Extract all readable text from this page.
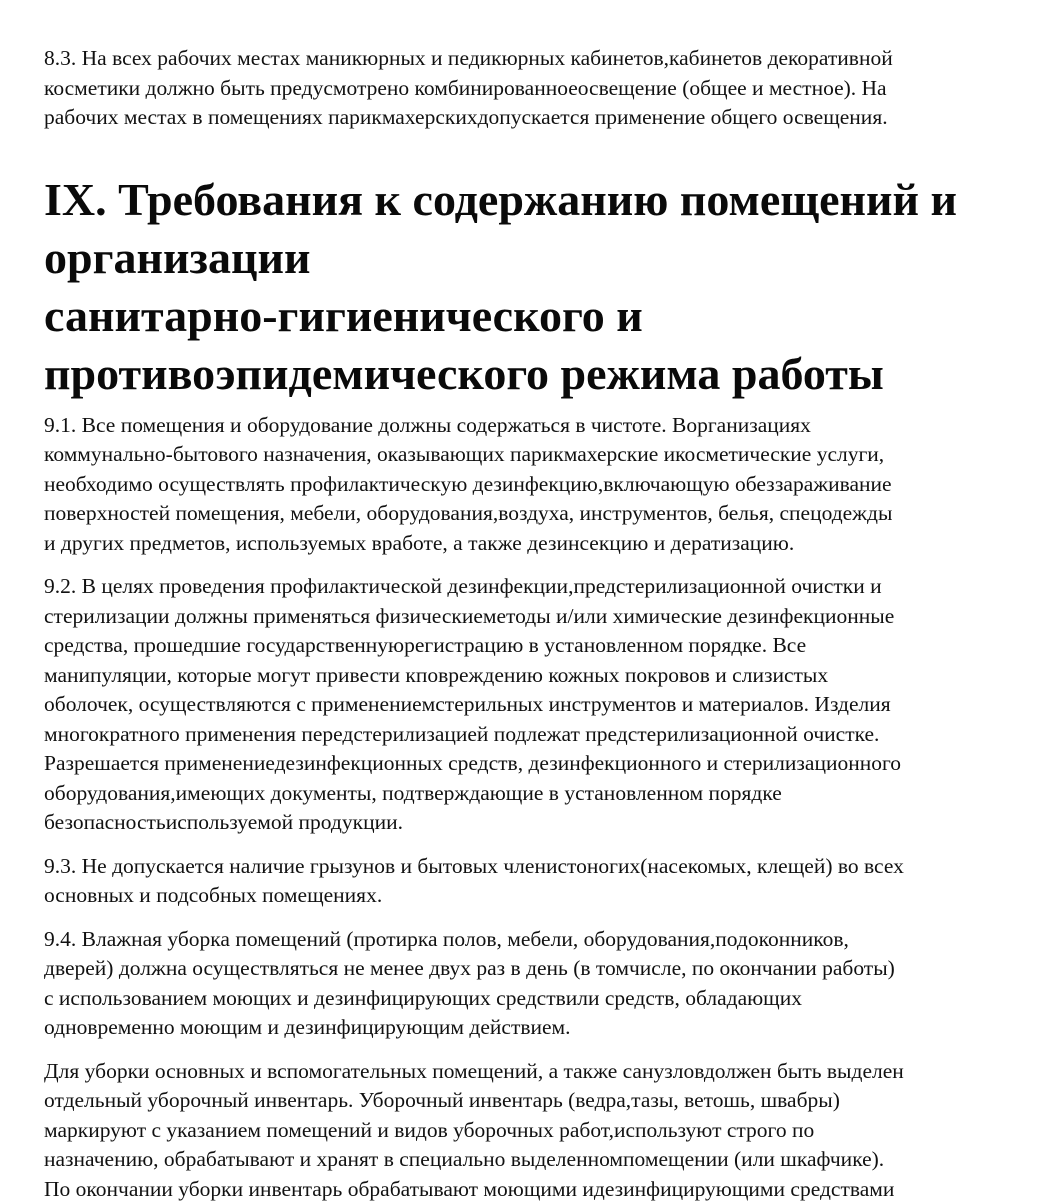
8.3. На всех рабочих местах маникюрных и педикюрных кабинетов,кабинетов декоративной
косметики должно быть предусмотрено комбинированноеосвещение (общее и местное). На
рабочих местах в помещениях парикмахерскихдопускается применение общего освещения.

IX. Требования к содержанию помещений и
организации
санитарно-гигиенического и
противоэпидемического режима работы

9.1. Все помещения и оборудование должны содержаться в чистоте. Ворганизациях
коммунально-бытового назначения, оказывающих парикмахерские икосметические услуги,
необходимо осуществлять профилактическую дезинфекцию,включающую обеззараживание
поверхностей помещения, мебели, оборудования,воздуха, инструментов, белья, спецодежды
и других предметов, используемых вработе, а также дезинсекцию и дератизацию.

9.2. В целях проведения профилактической дезинфекции,предстерилизационной очистки и
стерилизации должны применяться физическиеметоды и/или химические дезинфекционные
средства, прошедшие государственнуюрегистрацию в установленном порядке. Все
манипуляции, которые могут привести кповреждению кожных покровов и слизистых
оболочек, осуществляются с применениемстерильных инструментов и материалов. Изделия
многократного применения передстерилизацией подлежат предстерилизационной очистке.
Разрешается применениедезинфекционных средств, дезинфекционного и стерилизационного
оборудования,имеющих документы, подтверждающие в установленном порядке
безопасностьиспользуемой продукции.

9.3. Не допускается наличие грызунов и бытовых членистоногих(насекомых, клещей) во всех
основных и подсобных помещениях.

9.4. Влажная уборка помещений (протирка полов, мебели, оборудования,подоконников,
дверей) должна осуществляться не менее двух раз в день (в томчисле, по окончании работы)
с использованием моющих и дезинфицирующих средствили средств, обладающих
одновременно моющим и дезинфицирующим действием.

Для уборки основных и вспомогательных помещений, а также санузловдолжен быть выделен
отдельный уборочный инвентарь. Уборочный инвентарь (ведра,тазы, ветошь, швабры)
маркируют с указанием помещений и видов уборочных работ,используют строго по
назначению, обрабатывают и хранят в специально выделенномпомещении (или шкафчике).
По окончании уборки инвентарь обрабатывают моющими идезинфицирующими средствами
